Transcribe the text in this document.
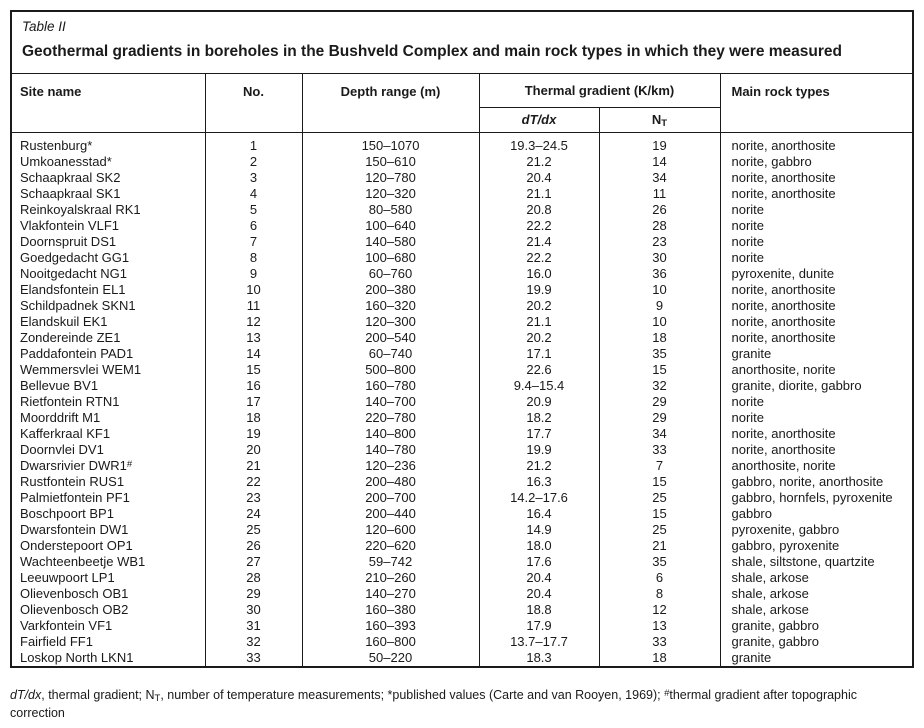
Table II
Geothermal gradients in boreholes in the Bushveld Complex and main rock types in which they were measured
Site name	No.	Depth range (m)	Thermal gradient (K/km)		Main rock types
			dT/dx	$N_T$
Rustenburg*	1	150–1070	19.3–24.5	19	norite, anorthosite
Umkoanesstad*	2	150–610	21.2	14	norite, gabbro
Schaapkraal SK2	3	120–780	20.4	34	norite, anorthosite
Schaapkraal SK1	4	120–320	21.1	11	norite, anorthosite
Reinkoyalskraal RK1	5	80–580	20.8	26	norite
Vlakfontein VLF1	6	100–640	22.2	28	norite
Doornspruit DS1	7	140–580	21.4	23	norite
Goedgedacht GG1	8	100–680	22.2	30	norite
Nooitgedacht NG1	9	60–760	16.0	36	pyroxenite, dunite
Elandsfontein EL1	10	200–380	19.9	10	norite, anorthosite
Schildpadnek SKN1	11	160–320	20.2	9	norite, anorthosite
Elandskuil EK1	12	120–300	21.1	10	norite, anorthosite
Zondereinde ZE1	13	200–540	20.2	18	norite, anorthosite
Paddafontein PAD1	14	60–740	17.1	35	granite
Wemmersvlei WEM1	15	500–800	22.6	15	anorthosite, norite
Bellevue BV1	16	160–780	9.4–15.4	32	granite, diorite, gabbro
Rietfontein RTN1	17	140–700	20.9	29	norite
Moorddrift M1	18	220–780	18.2	29	norite
Kafferkraal KF1	19	140–800	17.7	34	norite, anorthosite
Doornvlei DV1	20	140–780	19.9	33	norite, anorthosite
Dwarsrivier DWR1#	21	120–236	21.2	7	anorthosite, norite
Rustfontein RUS1	22	200–480	16.3	15	gabbro, norite, anorthosite
Palmietfontein PF1	23	200–700	14.2–17.6	25	gabbro, hornfels, pyroxenite
Boschpoort BP1	24	200–440	16.4	15	gabbro
Dwarsfontein DW1	25	120–600	14.9	25	pyroxenite, gabbro
Onderstepoort OP1	26	220–620	18.0	21	gabbro, pyroxenite
Wachteenbeetje WB1	27	59–742	17.6	35	shale, siltstone, quartzite
Leeuwpoort LP1	28	210–260	20.4	6	shale, arkose
Olievenbosch OB1	29	140–270	20.4	8	shale, arkose
Olievenbosch OB2	30	160–380	18.8	12	shale, arkose
Varkfontein VF1	31	160–393	17.9	13	granite, gabbro
Fairfield FF1	32	160–800	13.7–17.7	33	granite, gabbro
Loskop North LKN1	33	50–220	18.3	18	granite
dT/dx, thermal gradient; $N_T$, number of temperature measurements; *published values (Carte and van Rooyen, 1969); #thermal gradient after topographic correction
